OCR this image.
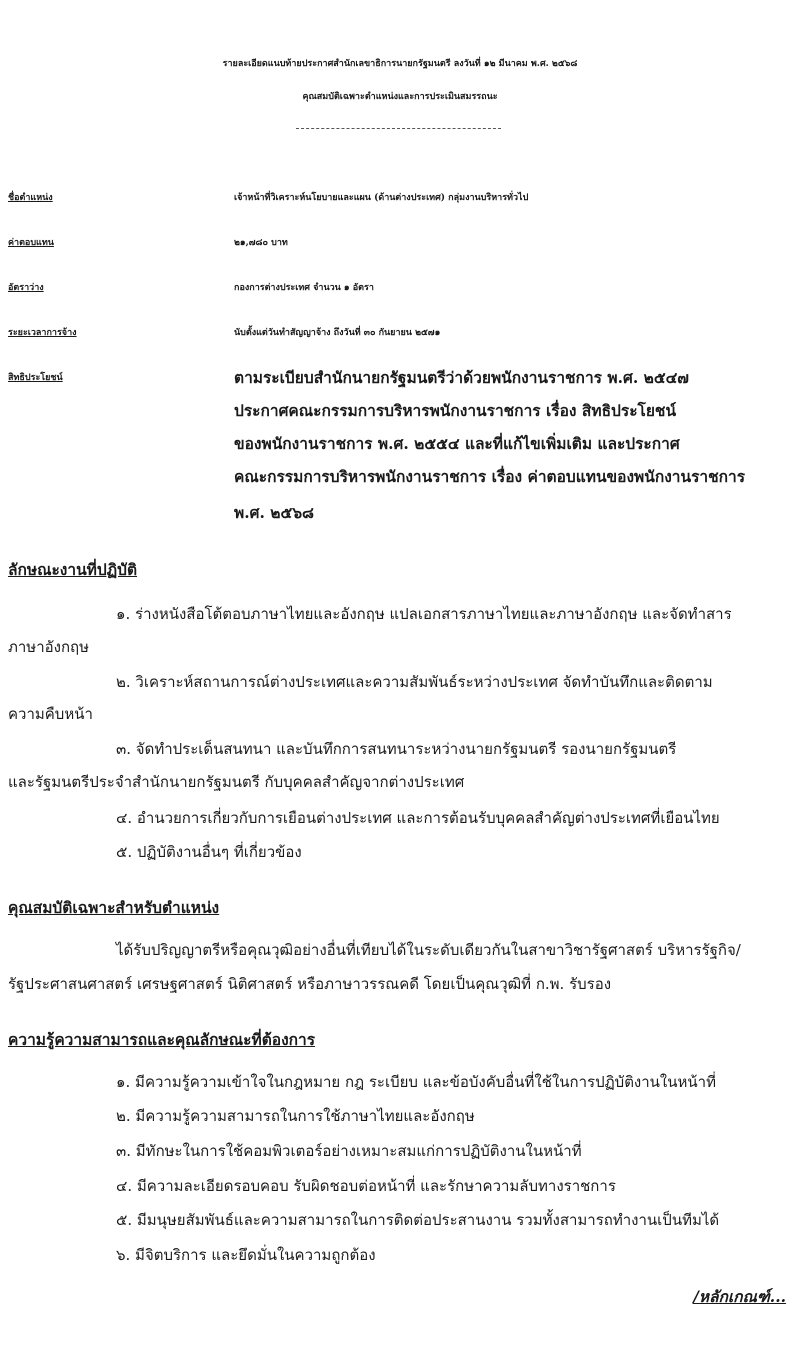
รายละเอียดแนบท้ายประกาศสำนักเลขาธิการนายกรัฐมนตรี ลงวันที่ ๑๒ มีนาคม พ.ศ. ๒๕๖๘
คุณสมบัติเฉพาะตำแหน่งและการประเมินสมรรถนะ
ชื่อตำแหน่ง	เจ้าหน้าที่วิเคราะห์นโยบายและแผน (ด้านต่างประเทศ) กลุ่มงานบริหารทั่วไป
ค่าตอบแทน	๒๑,๗๘๐ บาท
อัตราว่าง	กองการต่างประเทศ จำนวน ๑ อัตรา
ระยะเวลาการจ้าง	นับตั้งแต่วันทำสัญญาจ้าง ถึงวันที่ ๓๐ กันยายน ๒๕๗๑
สิทธิประโยชน์	ตามระเบียบสำนักนายกรัฐมนตรีว่าด้วยพนักงานราชการ พ.ศ. ๒๕๔๗
ประกาศคณะกรรมการบริหารพนักงานราชการ เรื่อง สิทธิประโยชน์
ของพนักงานราชการ พ.ศ. ๒๕๕๔ และที่แก้ไขเพิ่มเติม และประกาศ
คณะกรรมการบริหารพนักงานราชการ เรื่อง ค่าตอบแทนของพนักงานราชการ
พ.ศ. ๒๕๖๘
ลักษณะงานที่ปฏิบัติ
๑. ร่างหนังสือโต้ตอบภาษาไทยและอังกฤษ แปลเอกสารภาษาไทยและภาษาอังกฤษ และจัดทำสาร
ภาษาอังกฤษ
๒. วิเคราะห์สถานการณ์ต่างประเทศและความสัมพันธ์ระหว่างประเทศ จัดทำบันทึกและติดตาม
ความคืบหน้า
๓. จัดทำประเด็นสนทนา และบันทึกการสนทนาระหว่างนายกรัฐมนตรี รองนายกรัฐมนตรี
และรัฐมนตรีประจำสำนักนายกรัฐมนตรี กับบุคคลสำคัญจากต่างประเทศ
๔. อำนวยการเกี่ยวกับการเยือนต่างประเทศ และการต้อนรับบุคคลสำคัญต่างประเทศที่เยือนไทย
๕. ปฏิบัติงานอื่นๆ ที่เกี่ยวข้อง
คุณสมบัติเฉพาะสำหรับตำแหน่ง
ได้รับปริญญาตรีหรือคุณวุฒิอย่างอื่นที่เทียบได้ในระดับเดียวกันในสาขาวิชารัฐศาสตร์ บริหารรัฐกิจ/
รัฐประศาสนศาสตร์ เศรษฐศาสตร์ นิติศาสตร์ หรือภาษาวรรณคดี โดยเป็นคุณวุฒิที่ ก.พ. รับรอง
ความรู้ความสามารถและคุณลักษณะที่ต้องการ
๑. มีความรู้ความเข้าใจในกฎหมาย กฎ ระเบียบ และข้อบังคับอื่นที่ใช้ในการปฏิบัติงานในหน้าที่
๒. มีความรู้ความสามารถในการใช้ภาษาไทยและอังกฤษ
๓. มีทักษะในการใช้คอมพิวเตอร์อย่างเหมาะสมแก่การปฏิบัติงานในหน้าที่
๔. มีความละเอียดรอบคอบ รับผิดชอบต่อหน้าที่ และรักษาความลับทางราชการ
๕. มีมนุษยสัมพันธ์และความสามารถในการติดต่อประสานงาน รวมทั้งสามารถทำงานเป็นทีมได้
๖. มีจิตบริการ และยึดมั่นในความถูกต้อง
/หลักเกณฑ์...
